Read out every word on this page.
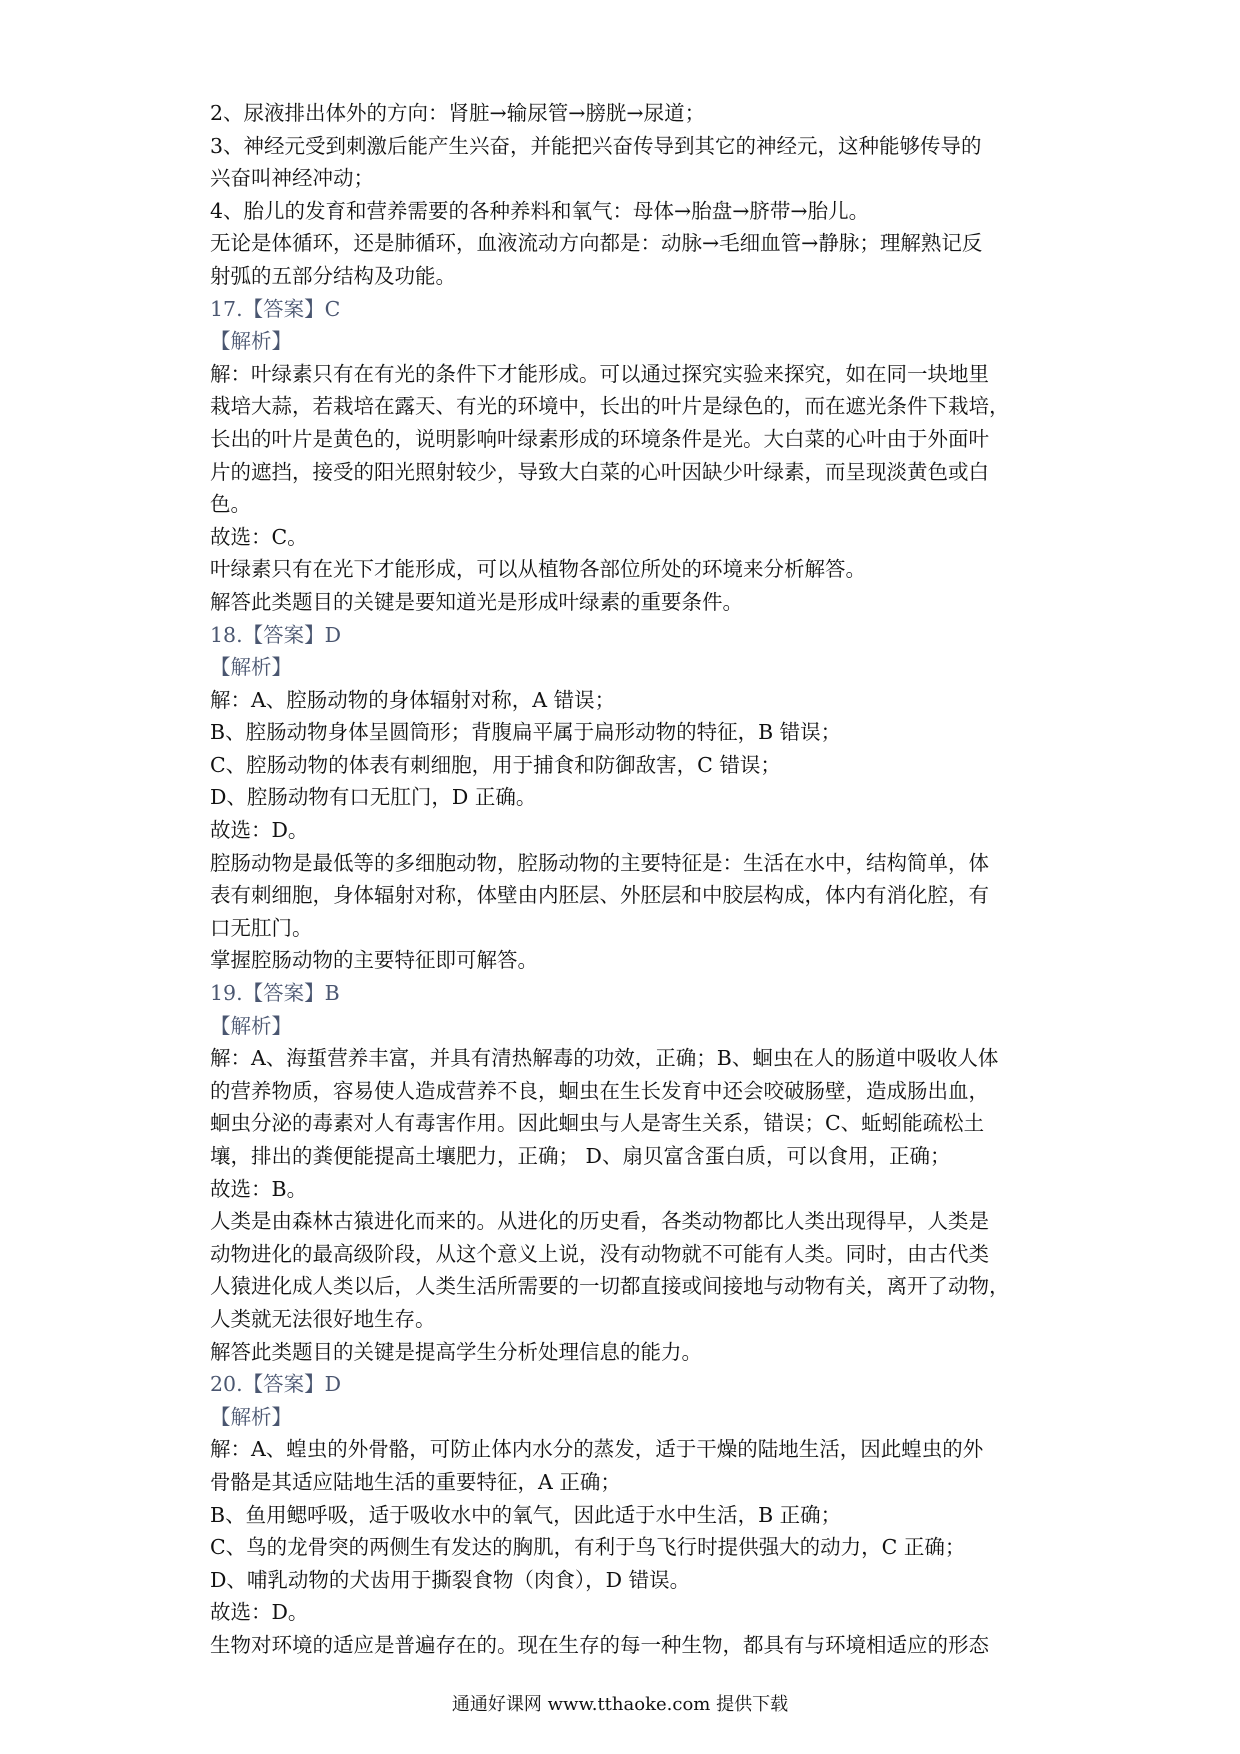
2、尿液排出体外的方向：肾脏→输尿管→膀胱→尿道；
3、神经元受到刺激后能产生兴奋，并能把兴奋传导到其它的神经元，这种能够传导的
兴奋叫神经冲动；
4、胎儿的发育和营养需要的各种养料和氧气：母体→胎盘→脐带→胎儿。
无论是体循环，还是肺循环，血液流动方向都是：动脉→毛细血管→静脉；理解熟记反
射弧的五部分结构及功能。
17.【答案】C
【解析】
解：叶绿素只有在有光的条件下才能形成。可以通过探究实验来探究，如在同一块地里
栽培大蒜，若栽培在露天、有光的环境中，长出的叶片是绿色的，而在遮光条件下栽培，
长出的叶片是黄色的，说明影响叶绿素形成的环境条件是光。大白菜的心叶由于外面叶
片的遮挡，接受的阳光照射较少，导致大白菜的心叶因缺少叶绿素，而呈现淡黄色或白
色。
故选：C。
叶绿素只有在光下才能形成，可以从植物各部位所处的环境来分析解答。
解答此类题目的关键是要知道光是形成叶绿素的重要条件。
18.【答案】D
【解析】
解：A、腔肠动物的身体辐射对称，A 错误；
B、腔肠动物身体呈圆筒形；背腹扁平属于扁形动物的特征，B 错误；
C、腔肠动物的体表有刺细胞，用于捕食和防御敌害，C 错误；
D、腔肠动物有口无肛门，D 正确。
故选：D。
腔肠动物是最低等的多细胞动物，腔肠动物的主要特征是：生活在水中，结构简单，体
表有刺细胞，身体辐射对称，体壁由内胚层、外胚层和中胶层构成，体内有消化腔，有
口无肛门。
掌握腔肠动物的主要特征即可解答。
19.【答案】B
【解析】
解：A、海蜇营养丰富，并具有清热解毒的功效，正确；B、蛔虫在人的肠道中吸收人体
的营养物质，容易使人造成营养不良，蛔虫在生长发育中还会咬破肠壁，造成肠出血，
蛔虫分泌的毒素对人有毒害作用。因此蛔虫与人是寄生关系，错误；C、蚯蚓能疏松土
壤，排出的粪便能提高土壤肥力，正确； D、扇贝富含蛋白质，可以食用，正确；
故选：B。
人类是由森林古猿进化而来的。从进化的历史看，各类动物都比人类出现得早，人类是
动物进化的最高级阶段，从这个意义上说，没有动物就不可能有人类。同时，由古代类
人猿进化成人类以后，人类生活所需要的一切都直接或间接地与动物有关，离开了动物，
人类就无法很好地生存。
解答此类题目的关键是提高学生分析处理信息的能力。
20.【答案】D
【解析】
解：A、蝗虫的外骨骼，可防止体内水分的蒸发，适于干燥的陆地生活，因此蝗虫的外
骨骼是其适应陆地生活的重要特征，A 正确；
B、鱼用鳃呼吸，适于吸收水中的氧气，因此适于水中生活，B 正确；
C、鸟的龙骨突的两侧生有发达的胸肌，有利于鸟飞行时提供强大的动力，C 正确；
D、哺乳动物的犬齿用于撕裂食物（肉食），D 错误。
故选：D。
生物对环境的适应是普遍存在的。现在生存的每一种生物，都具有与环境相适应的形态
通通好课网 www.tthaoke.com 提供下载
